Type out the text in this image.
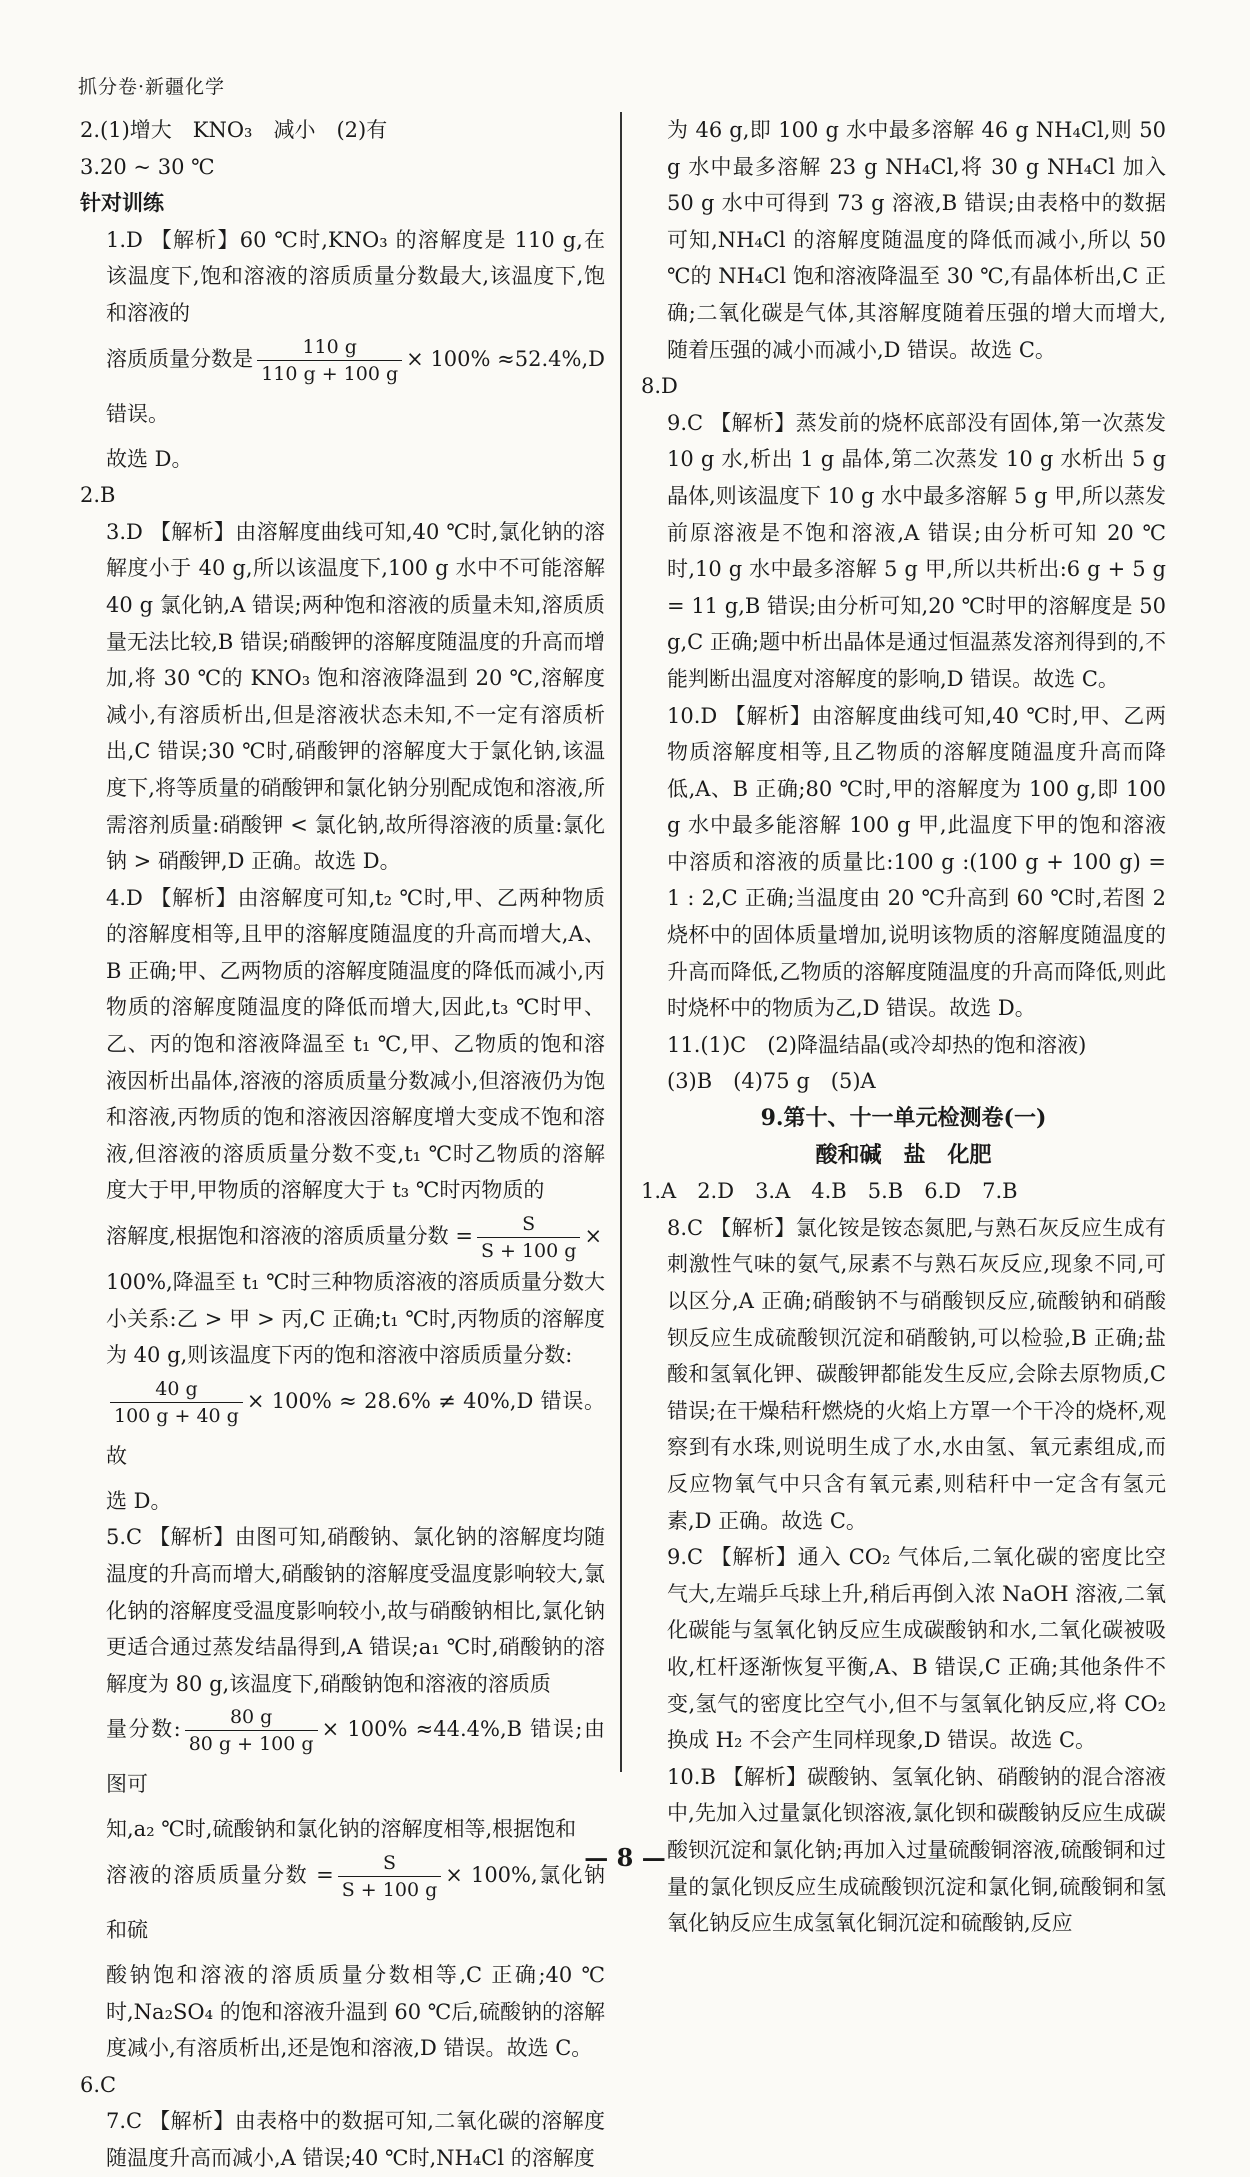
抓分卷·新疆化学

2.(1)增大　KNO₃　减小　(2)有

3.20 ~ 30 ℃

针对训练

1.D 【解析】60 ℃时,KNO₃ 的溶解度是 110 g,在该温度下,饱和溶液的溶质质量分数最大,该温度下,饱和溶液的

溶质质量分数是 $\frac{110 g}{110 g + 100 g} \times 100\% \approx 52.4\%,D$ 错误。

故选 D。

2.B

3.D 【解析】由溶解度曲线可知,40 ℃时,氯化钠的溶解度小于 40 g,所以该温度下,100 g 水中不可能溶解 40 g 氯化钠,A 错误;两种饱和溶液的质量未知,溶质质量无法比较,B 错误;硝酸钾的溶解度随温度的升高而增加,将 30 ℃的 KNO₃ 饱和溶液降温到 20 ℃,溶解度减小,有溶质析出,但是溶液状态未知,不一定有溶质析出,C 错误;30 ℃时,硝酸钾的溶解度大于氯化钠,该温度下,将等质量的硝酸钾和氯化钠分别配成饱和溶液,所需溶剂质量:硝酸钾 < 氯化钠,故所得溶液的质量:氯化钠 > 硝酸钾,D 正确。故选 D。

4.D 【解析】由溶解度可知,t₂ ℃时,甲、乙两种物质的溶解度相等,且甲的溶解度随温度的升高而增大,A、B 正确;甲、乙两物质的溶解度随温度的降低而减小,丙物质的溶解度随温度的降低而增大,因此,t₃ ℃时甲、乙、丙的饱和溶液降温至 t₁ ℃,甲、乙物质的饱和溶液因析出晶体,溶液的溶质质量分数减小,但溶液仍为饱和溶液,丙物质的饱和溶液因溶解度增大变成不饱和溶液,但溶液的溶质质量分数不变,t₁ ℃时乙物质的溶解度大于甲,甲物质的溶解度大于 t₃ ℃时丙物质的

溶解度,根据饱和溶液的溶质质量分数 = $\frac{S}{S + 100 g}$ ×

100%,降温至 t₁ ℃时三种物质溶液的溶质质量分数大小关系:乙 > 甲 > 丙,C 正确;t₁ ℃时,丙物质的溶解度为 40 g,则该温度下丙的饱和溶液中溶质质量分数:

$\frac{40 g}{100 g + 40 g} \times 100\% \approx 28.6\% \ne 40\%,D$ 错误。故

选 D。

5.C 【解析】由图可知,硝酸钠、氯化钠的溶解度均随温度的升高而增大,硝酸钠的溶解度受温度影响较大,氯化钠的溶解度受温度影响较小,故与硝酸钠相比,氯化钠更适合通过蒸发结晶得到,A 错误;a₁ ℃时,硝酸钠的溶解度为 80 g,该温度下,硝酸钠饱和溶液的溶质质

量分数: $\frac{80 g}{80 g + 100 g} \times 100\% \approx 44.4\%,B$ 错误;由图可

知,a₂ ℃时,硫酸钠和氯化钠的溶解度相等,根据饱和

溶液的溶质质量分数 = $\frac{S}{S + 100 g} \times 100\%$,氯化钠和硫

酸钠饱和溶液的溶质质量分数相等,C 正确;40 ℃时,Na₂SO₄ 的饱和溶液升温到 60 ℃后,硫酸钠的溶解度减小,有溶质析出,还是饱和溶液,D 错误。故选 C。

6.C

7.C 【解析】由表格中的数据可知,二氧化碳的溶解度随温度升高而减小,A 错误;40 ℃时,NH₄Cl 的溶解度

为 46 g,即 100 g 水中最多溶解 46 g NH₄Cl,则 50 g 水中最多溶解 23 g NH₄Cl,将 30 g NH₄Cl 加入 50 g 水中可得到 73 g 溶液,B 错误;由表格中的数据可知,NH₄Cl 的溶解度随温度的降低而减小,所以 50 ℃的 NH₄Cl 饱和溶液降温至 30 ℃,有晶体析出,C 正确;二氧化碳是气体,其溶解度随着压强的增大而增大,随着压强的减小而减小,D 错误。故选 C。

8.D

9.C 【解析】蒸发前的烧杯底部没有固体,第一次蒸发 10 g 水,析出 1 g 晶体,第二次蒸发 10 g 水析出 5 g 晶体,则该温度下 10 g 水中最多溶解 5 g 甲,所以蒸发前原溶液是不饱和溶液,A 错误;由分析可知 20 ℃时,10 g 水中最多溶解 5 g 甲,所以共析出:6 g + 5 g = 11 g,B 错误;由分析可知,20 ℃时甲的溶解度是 50 g,C 正确;题中析出晶体是通过恒温蒸发溶剂得到的,不能判断出温度对溶解度的影响,D 错误。故选 C。

10.D 【解析】由溶解度曲线可知,40 ℃时,甲、乙两物质溶解度相等,且乙物质的溶解度随温度升高而降低,A、B 正确;80 ℃时,甲的溶解度为 100 g,即 100 g 水中最多能溶解 100 g 甲,此温度下甲的饱和溶液中溶质和溶液的质量比:100 g :(100 g + 100 g) = 1 : 2,C 正确;当温度由 20 ℃升高到 60 ℃时,若图 2 烧杯中的固体质量增加,说明该物质的溶解度随温度的升高而降低,乙物质的溶解度随温度的升高而降低,则此时烧杯中的物质为乙,D 错误。故选 D。

11.(1)C　(2)降温结晶(或冷却热的饱和溶液)

(3)B　(4)75 g　(5)A

9.第十、十一单元检测卷(一)

酸和碱　盐　化肥

1.A　2.D　3.A　4.B　5.B　6.D　7.B

8.C 【解析】氯化铵是铵态氮肥,与熟石灰反应生成有刺激性气味的氨气,尿素不与熟石灰反应,现象不同,可以区分,A 正确;硝酸钠不与硝酸钡反应,硫酸钠和硝酸钡反应生成硫酸钡沉淀和硝酸钠,可以检验,B 正确;盐酸和氢氧化钾、碳酸钾都能发生反应,会除去原物质,C 错误;在干燥秸秆燃烧的火焰上方罩一个干冷的烧杯,观察到有水珠,则说明生成了水,水由氢、氧元素组成,而反应物氧气中只含有氧元素,则秸秆中一定含有氢元素,D 正确。故选 C。

9.C 【解析】通入 CO₂ 气体后,二氧化碳的密度比空气大,左端乒乓球上升,稍后再倒入浓 NaOH 溶液,二氧化碳能与氢氧化钠反应生成碳酸钠和水,二氧化碳被吸收,杠杆逐渐恢复平衡,A、B 错误,C 正确;其他条件不变,氢气的密度比空气小,但不与氢氧化钠反应,将 CO₂ 换成 H₂ 不会产生同样现象,D 错误。故选 C。

10.B 【解析】碳酸钠、氢氧化钠、硝酸钠的混合溶液中,先加入过量氯化钡溶液,氯化钡和碳酸钠反应生成碳酸钡沉淀和氯化钠;再加入过量硫酸铜溶液,硫酸铜和过量的氯化钡反应生成硫酸钡沉淀和氯化铜,硫酸铜和氢氧化钠反应生成氢氧化铜沉淀和硫酸钠,反应

— 8 —
